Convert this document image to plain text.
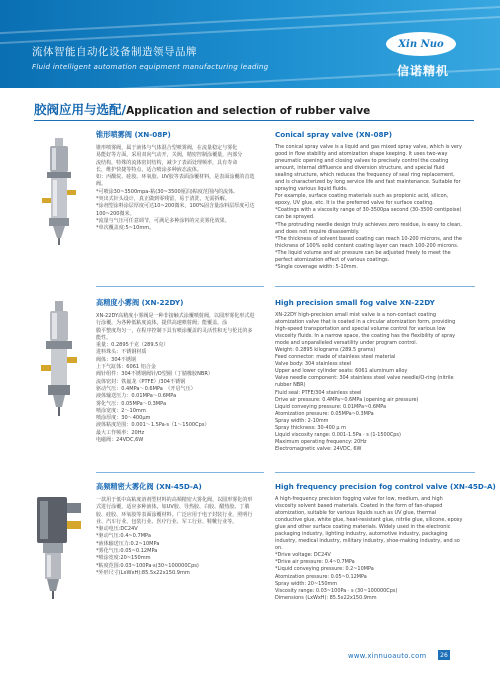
流体智能自动化设备制造领导品牌
Fluid intelligent automation equipment manufacturing leading
Xin Nuo
信诺精机
胶阀应用与选配/Application and selection of rubber valve

锥形喷雾阀 (XN-08P)

锥形喷雾阀，属于液体与气体混合型喷雾阀，在流量稳定与雾化

易能好等方面，采用双向气动开，关阀，精密控制涂覆量，内部分

流结构，特殊的流体密封结构，减少了表面处理频率，具有寿命

长，维护快捷等特点，适合喷涂多种液态流体。

如：丙酸烷、硅胶、环氧胶、UV胶等表面涂覆材料，是表面涂覆的首选阀。

*可喷涂30~3500mpa-粘(30~3500厘泊)粘度范围内的流体。

*突出式针头设计，真正做到零残留，易于清洗，无需拆解。

*涂剂型涂料涂层厚度可达10~200微米，100%固含量涂料层厚度可达100~200微米。

*流量与气压可任意调节，可满足多种涂料的完美雾化效果。

*单次覆盖度:5~10mm。

Conical spray valve (XN-08P)

The conical spray valve is a liquid and gas mixed spray valve, which is very

good in flow stability and atomization shape keeping. It uses two-way

pneumatic opening and closing valves to precisely control the coating

amount, internal diffluence and diversion structure, and special fluid

sealing structure, which reduces the frequency of seal ring replacement,

and is characterized by long service life and fast maintenance. Suitable for

spraying various liquid fluids.

For example, surface coating materials such as propionic acid, silicon,

epoxy, UV glue, etc. It is the preferred valve for surface coating.

*Coatings with a viscosity range of 30-3500pa second (30-3500 centipoise)

can be sprayed.

*The protruding needle design truly achieves zero residue, is easy to clean,

and does not require disassembly.

*The thickness of solvent based coating can reach 10-200 microns, and the

thickness of 100% solid content coating layer can reach 100-200 microns.

*The liquid volume and air pressure can be adjusted freely to meet the

perfect atomization effect of various coatings.

*Single coverage width: 5-10mm.

高精度小雾阀 (XN-22DY)

XN-22DY高精度小雾阀是一种非接触式涂覆喷射阀，以圆形雾化形式进

行涂覆，为各种低粘度流体，提供高速喷射阀；能覆盖，涂

膜平整度均匀一，在程序控制下具有喷涂覆盖的灵活性和无与伦比的多

能性。

重量：0.2895千克（289.5克）

进料珠头：不锈钢材质

阀体：304不锈钢

上下气缸体：6061 铝合金

阀针组件：304不锈钢阀针/O型圈（丁腈橡胶NBR）

流体密封：铁氟龙（PTFE）/304不锈钢

驱动气压：0.4MPa～0.6MPa　（开启气压）

液体输送压力：0.01MPa～0.6MPa

雾化气压：0.05MPa～0.3MPa

喷涂宽度：2～10mm

喷涂厚度：30～400μm

液体粘度范围：0.001～1.5Pa·s（1～1500Cps）

最大工作频率：20Hz

电磁阀：24VDC,6W

High precision small fog valve XN-22DY

XN-22DY high-precision small mist valve is a non-contact coating

atomization valve that is coated in a circular atomization form, providing

high-speed transportation and special volume control for various low

viscosity fluids. In a narrow space, the coating has the flexibility of spray

mode and unparalleled versatility under program control.

Weight: 0.2895 kilograms (289.5 grams)

Feed connector: made of stainless steel material

Valve body: 304 stainless steel

Upper and lower cylinder seats: 6061 aluminum alloy

Valve needle component: 304 stainless steel valve needle/O-ring (nitrile

rubber NBR)

Fluid seal: PTFE/304 stainless steel

Drive air pressure: 0.4MPa~0.6MPa (opening air pressure)

Liquid conveying pressure: 0.01MPa~0.6MPa

Atomization pressure: 0.05MPa~0.3MPa

Spray width: 2-10mm

Spray thickness: 30-400 μ m

Liquid viscosity range: 0.001-1.5Pa · s (1-1500Cps)

Maximum operating frequency: 20Hz

Electromagnetic valve: 24VDC, 6W

高频精密大雾化阀 (XN-45D-A)

一款用于低中高粘度溶剂型材料的高频精密大雾化阀，以圆形雾化的形

式进行涂覆，适应多种液体，如UV胶、导热胶、白胶、醋热胶、丁腈

胶、硅胶、环氧胶等表面涂覆材料。广泛应用于电子封装行业，照明行

业、汽车行业、包装行业、医疗行业、军工行业、鞋靴行业等。

*驱动电压:DC24V

*驱动气压:0.4~0.7MPa

*液体输送压力:0.2~10MPa

*雾化气压:0.05~0.12MPa

*喷涂宽度:20~150mm

*粘度范围:0.03~100Pa·s(30~100000Cps)

*外形尺寸(LxWxH):85.5x22x150.9mm

High frequency precision fog control valve (XN-45D-A)

A high-frequency precision fogging valve for low, medium, and high

viscosity solvent based materials. Coated in the form of fan-shaped

atomization, suitable for various liquids such as UV glue, thermal

conductive glue, white glue, heat-resistant glue, nitrile glue, silicone, epoxy

glue and other surface coating materials. Widely used in the electronic

packaging industry, lighting industry, automotive industry, packaging

industry, medical industry, military industry, shoe-making industry, and so

on.

*Drive voltage: DC24V

*Drive air pressure: 0.4~0.7MPa

*Liquid conveying pressure: 0.2~10MPa

Atomization pressure: 0.05~0.12MPa

Spray width: 20~150mm

Viscosity range: 0.03~100Pa · s (30~100000Cps)

Dimensions (LxWxH): 85.5x22x150.9mm

www.xinnuoauto.com	26
